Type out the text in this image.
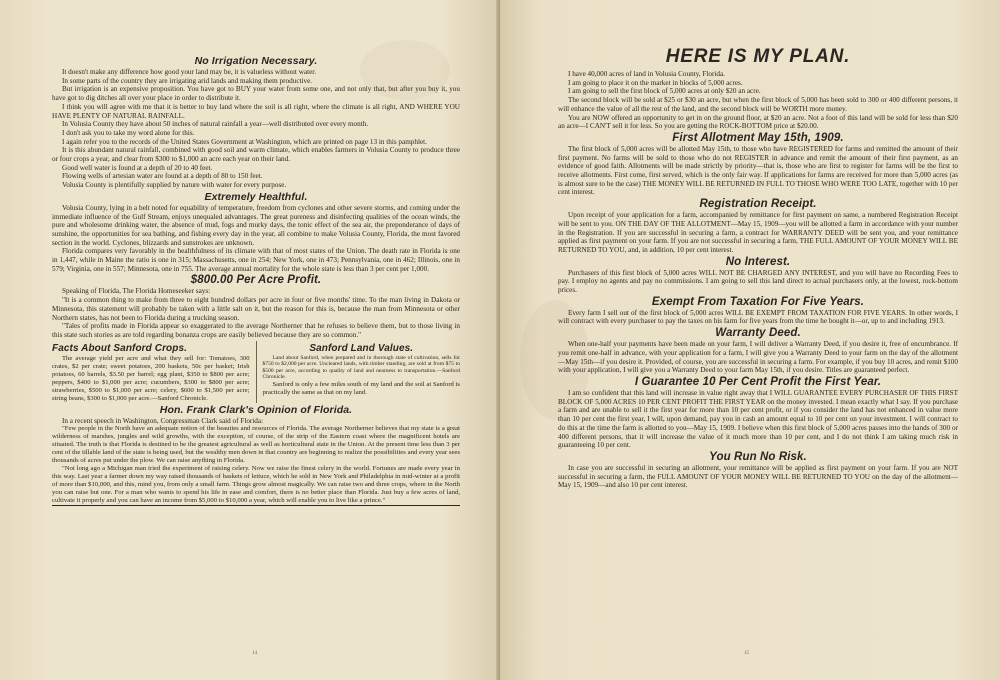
No Irrigation Necessary.

It doesn't make any difference how good your land may be, it is valueless without water.

In some parts of the country they are irrigating arid lands and making them productive.

But irrigation is an expensive proposition. You have got to BUY your water from some one, and not only that, but after you buy it, you have got to dig ditches all over your place in order to distribute it.

I think you will agree with me that it is better to buy land where the soil is all right, where the climate is all right, AND WHERE YOU HAVE PLENTY OF NATURAL RAINFALL.

In Volusia County they have about 50 inches of natural rainfall a year—well distributed over every month.

I don't ask you to take my word alone for this.

I again refer you to the records of the United States Government at Washington, which are printed on page 13 in this pamphlet.

It is this abundant natural rainfall, combined with good soil and warm climate, which enables farmers in Volusia County to produce three or four crops a year, and clear from $300 to $1,000 an acre each year on their land.

Good well water is found at a depth of 20 to 40 feet.

Flowing wells of artesian water are found at a depth of 80 to 150 feet.

Volusia County is plentifully supplied by nature with water for every purpose.

Extremely Healthful.

Volusia County, lying in a belt noted for equability of temperature, freedom from cyclones and other severe storms, and coming under the immediate influence of the Gulf Stream, enjoys unequaled advantages. The great pureness and disinfecting qualities of the ocean winds, the pure and wholesome drinking water, the absence of mud, fogs and murky days, the tonic effect of the sea air, the preponderance of days of sunshine, the opportunities for sea bathing, and fishing every day in the year, all combine to make Volusia County, Florida, the most favored section in the world. Cyclones, blizzards and sunstrokes are unknown.

Florida compares very favorably in the healthfulness of its climate with that of most states of the Union. The death rate in Florida is one in 1,447, while in Maine the ratio is one in 315; Massachusetts, one in 254; New York, one in 473; Pennsylvania, one in 462; Illinois, one in 579; Virginia, one in 557; Minnesota, one in 755. The average annual mortality for the whole state is less than 3 per cent per 1,000.

$800.00 Per Acre Profit.

Speaking of Florida, The Florida Homeseeker says:

"It is a common thing to make from three to eight hundred dollars per acre in four or five months' time. To the man living in Dakota or Minnesota, this statement will probably be taken with a little salt on it, but the reason for this is, because the man from Minnesota or other Northern states, has not been to Florida during a trucking season.

"Tales of profits made in Florida appear so exaggerated to the average Northerner that he refuses to believe them, but to those living in this state such stories as are told regarding bonanza crops are easily believed because they are so common."

Facts About Sanford Crops.

The average yield per acre and what they sell for: Tomatoes, 300 crates, $2 per crate; sweet potatoes, 200 baskets, 50c per basket; Irish potatoes, 60 barrels, $3.50 per barrel; egg plant, $350 to $800 per acre; peppers, $400 to $1,000 per acre; cucumbers, $300 to $800 per acre; strawberries, $500 to $1,000 per acre; celery, $600 to $1,500 per acre; string beans, $300 to $1,000 per acre.—Sanford Chronicle.

Sanford Land Values.

Land about Sanford, when prepared and in thorough state of cultivation, sells for $750 to $2,000 per acre. Uncleared lands, with timber standing, are sold at from $75 to $500 per acre, according to quality of land and nearness to transportation.—Sanford Chronicle.

Sanford is only a few miles south of my land and the soil at Sanford is practically the same as that on my land.

Hon. Frank Clark's Opinion of Florida.

In a recent speech in Washington, Congressman Clark said of Florida:

"Few people in the North have an adequate notion of the beauties and resources of Florida. The average Northerner believes that my state is a great wilderness of marshes, jungles and wild growths, with the exception, of course, of the strip of the Eastern coast where the magnificent hotels are situated. The truth is that Florida is destined to be the greatest agricultural as well as horticultural state in the Union. At the present time less than 3 per cent of the tillable land of the state is being used, but the wealthy men down in that country are beginning to realize the possibilities and every year sees thousands of acres put under the plow. We can raise anything in Florida.

"Not long ago a Michigan man tried the experiment of raising celery. Now we raise the finest celery in the world. Fortunes are made every year in this way. Last year a farmer down my way raised thousands of baskets of lettuce, which he sold in New York and Philadelphia in mid-winter at a profit of more than $10,000, and this, mind you, from only a small farm. Things grow almost magically. We can raise two and three crops, where in the North you can raise but one. For a man who wants to spend his life in ease and comfort, there is no better place than Florida. Just buy a few acres of land, cultivate it properly and you can have an income from $5,000 to $10,000 a year, which will enable you to live like a prince."

14
HERE IS MY PLAN.

I have 40,000 acres of land in Volusia County, Florida.

I am going to place it on the market in blocks of 5,000 acres.

I am going to sell the first block of 5,000 acres at only $20 an acre.

The second block will be sold at $25 or $30 an acre, but when the first block of 5,000 has been sold to 300 or 400 different persons, it will enhance the value of all the rest of the land, and the second block will be WORTH more money.

You are NOW offered an opportunity to get in on the ground floor, at $20 an acre. Not a foot of this land will be sold for less than $20 an acre—I CAN'T sell it for less. So you are getting the ROCK-BOTTOM price at $20.00.

First Allotment May 15th, 1909.

The first block of 5,000 acres will be allotted May 15th, to those who have REGISTERED for farms and remitted the amount of their first payment. No farms will be sold to those who do not REGISTER in advance and remit the amount of their first payment, as an evidence of good faith. Allotments will be made strictly by priority—that is, those who are first to register for farms will be the first to receive allotments. First come, first served, which is the only fair way. If applications for farms are received for more than 5,000 acres (as is almost sure to be the case) THE MONEY WILL BE RETURNED IN FULL TO THOSE WHO WERE TOO LATE, together with 10 per cent interest.

Registration Receipt.

Upon receipt of your application for a farm, accompanied by remittance for first payment on same, a numbered Registration Receipt will be sent to you. ON THE DAY OF THE ALLOTMENT—May 15, 1909—you will be allotted a farm in accordance with your number in the Registration. If you are successful in securing a farm, a contract for WARRANTY DEED will be sent you, and your remittance applied as first payment on your farm. If you are not successful in securing a farm, THE FULL AMOUNT OF YOUR MONEY WILL BE RETURNED TO YOU, and, in addition, 10 per cent interest.

No Interest.

Purchasers of this first block of 5,000 acres WILL NOT BE CHARGED ANY INTEREST, and you will have no Recording Fees to pay. I employ no agents and pay no commissions. I am going to sell this land direct to actual purchasers only, at the lowest, rock-bottom prices.

Exempt From Taxation For Five Years.

Every farm I sell out of the first block of 5,000 acres WILL BE EXEMPT FROM TAXATION FOR FIVE YEARS. In other words, I will contract with every purchaser to pay the taxes on his farm for five years from the time he bought it—or, up to and including 1913.

Warranty Deed.

When one-half your payments have been made on your farm, I will deliver a Warranty Deed, if you desire it, free of encumbrance. If you remit one-half in advance, with your application for a farm, I will give you a Warranty Deed to your farm on the day of the allotment—May 15th—if you desire it. Provided, of course, you are successful in securing a farm. For example, if you buy 10 acres, and remit $100 with your application, I will give you a Warranty Deed to your farm May 15th, if you desire. Titles are guaranteed perfect.

I Guarantee 10 Per Cent Profit the First Year.

I am so confident that this land will increase in value right away that I WILL GUARANTEE EVERY PURCHASER OF THIS FIRST BLOCK OF 5,000 ACRES 10 PER CENT PROFIT THE FIRST YEAR on the money invested. I mean exactly what I say. If you purchase a farm and are unable to sell it the first year for more than 10 per cent profit, or if you consider the land has not enhanced in value more than 10 per cent the first year, I will, upon demand, pay you in cash an amount equal to 10 per cent on your investment. I will contract to do this at the time the farm is allotted to you—May 15, 1909. I believe when this first block of 5,000 acres passes into the hands of 300 or 400 different persons, that it will increase the value of it much more than 10 per cent, and I do not think I am taking much risk in guaranteeing 10 per cent.

You Run No Risk.

In case you are successful in securing an allotment, your remittance will be applied as first payment on your farm. If you are NOT successful in securing a farm, the FULL AMOUNT OF YOUR MONEY WILL BE RETURNED TO YOU on the day of the allotment—May 15, 1909—and also 10 per cent interest.

15
